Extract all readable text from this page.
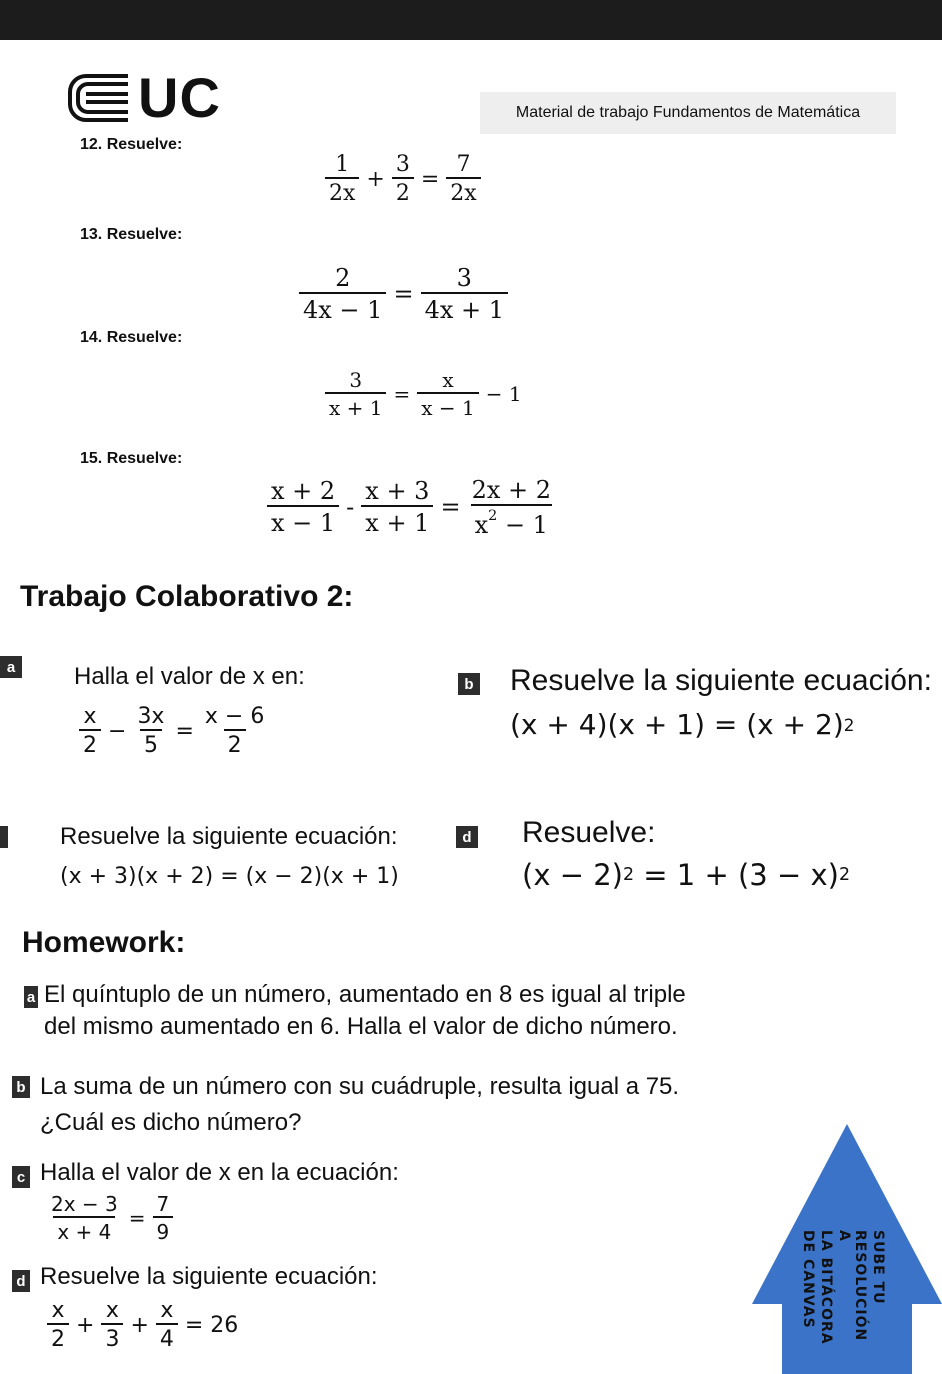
UC	Material de trabajo Fundamentos de Matemática
12. Resuelve:
$\frac{1}{2x} + \frac{3}{2} = \frac{7}{2x}$
13. Resuelve:
$\frac{2}{4x - 1} = \frac{3}{4x + 1}$
14. Resuelve:
$\frac{3}{x + 1} = \frac{x}{x - 1} - 1$
15. Resuelve:
$\frac{x + 2}{x - 1} - \frac{x + 3}{x + 1} = \frac{2x + 2}{x^2 - 1}$
Trabajo Colaborativo 2:
a Halla el valor de x en:
$\frac{x}{2} - \frac{3x}{5} = \frac{x - 6}{2}$
b Resuelve la siguiente ecuación:
(x + 4)(x + 1) = (x + 2) 2
Resuelve la siguiente ecuación:
(x + 3)(x + 2) = (x − 2)(x + 1)
d Resuelve:
(x − 2) 2 = 1 + (3 − x) 2
Homework:
a El quíntuplo de un número, aumentado en 8 es igual al triple
del mismo aumentado en 6. Halla el valor de dicho número.
b La suma de un número con su cuádruple, resulta igual a 75.
¿Cuál es dicho número?
c Halla el valor de x en la ecuación:
$\frac{2x - 3}{x + 4} = \frac{7}{9}$
d Resuelve la siguiente ecuación:
$\frac{x}{2} + \frac{x}{3} + \frac{x}{4} = 26$	DE CANVAS LA BITÁCORA	RESOLUCIÓN A	SUBE TU
